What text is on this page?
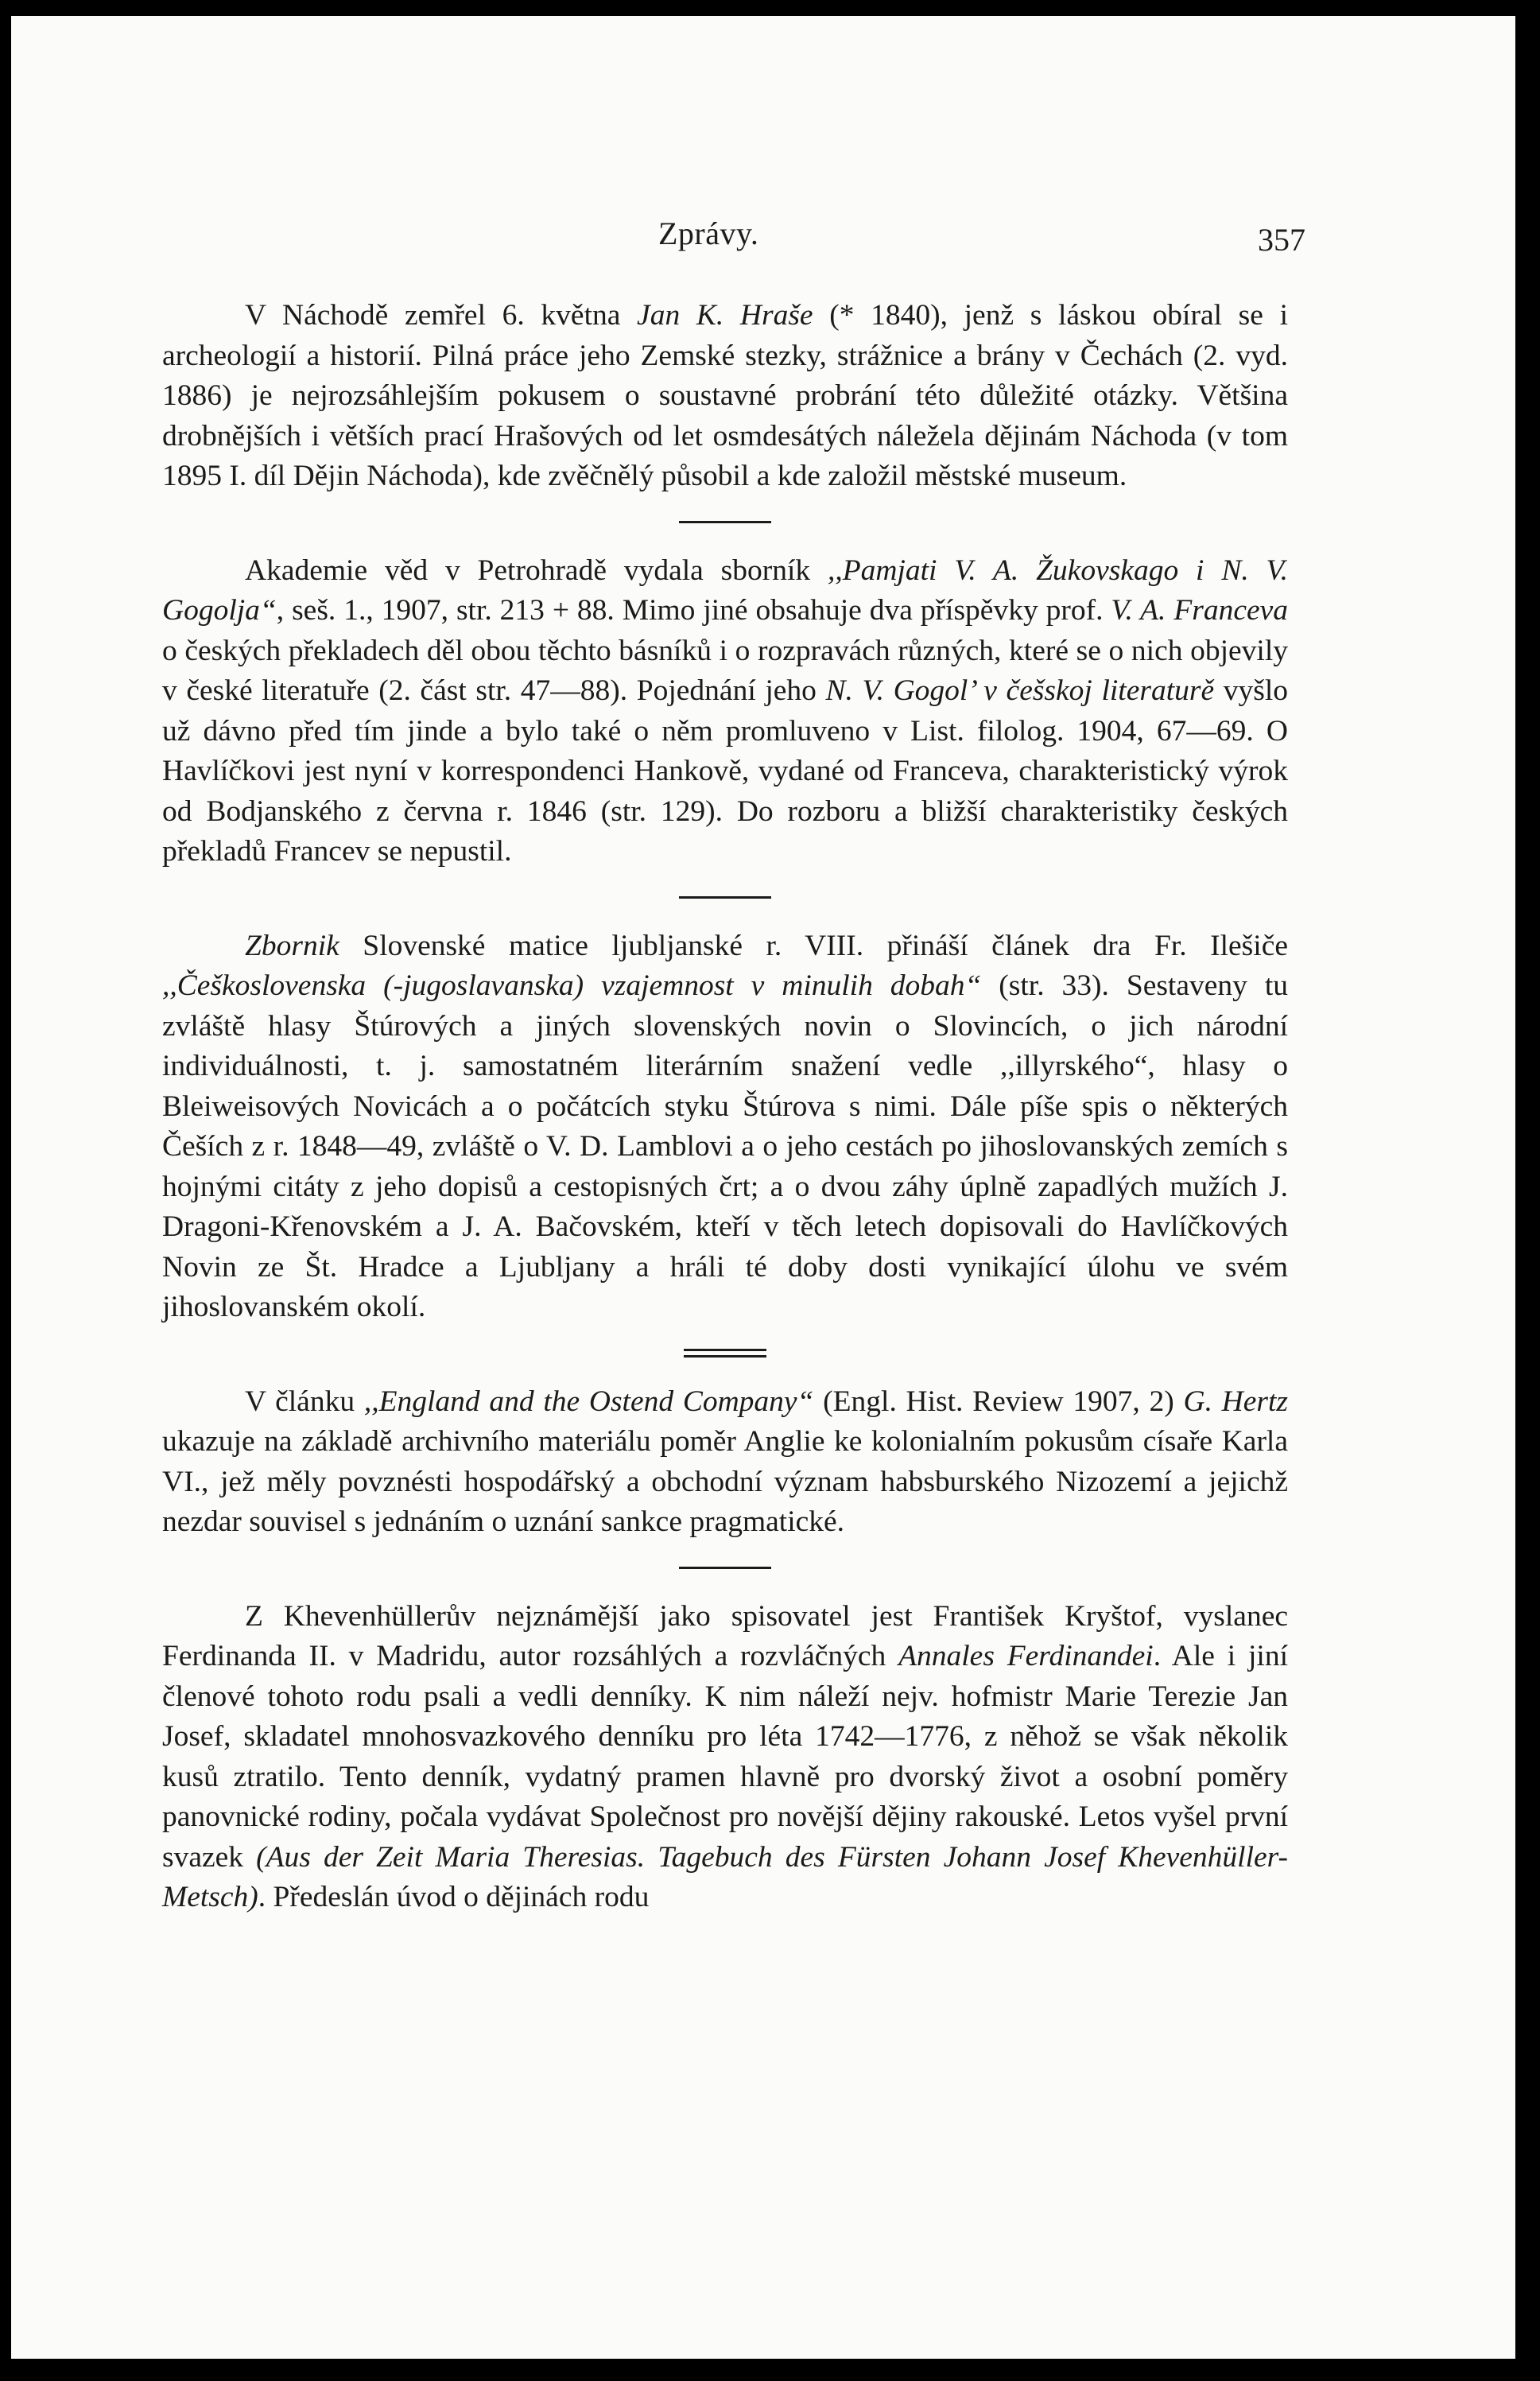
Zprávy.	357

V Náchodě zemřel 6. května Jan K. Hraše (* 1840), jenž s láskou obíral se i archeologií a historií. Pilná práce jeho Zemské stezky, strážnice a brány v Čechách (2. vyd. 1886) je nejrozsáhlejším pokusem o soustavné probrání této důležité otázky. Většina drobnějších i větších prací Hrašových od let osmdesátých náležela dějinám Náchoda (v tom 1895 I. díl Dějin Náchoda), kde zvěčnělý působil a kde založil městské museum.

Akademie věd v Petrohradě vydala sborník ,,Pamjati V. A. Žukovskago i N. V. Gogolja“, seš. 1., 1907, str. 213 + 88. Mimo jiné obsahuje dva příspěvky prof. V. A. Franceva o českých překladech děl obou těchto básníků i o rozpravách různých, které se o nich objevily v české literatuře (2. část str. 47—88). Pojednání jeho N. V. Gogol’ v češskoj literaturě vyšlo už dávno před tím jinde a bylo také o něm promluveno v List. filolog. 1904, 67—69. O Havlíčkovi jest nyní v korrespondenci Hankově, vydané od Franceva, charakteristický výrok od Bodjanského z června r. 1846 (str. 129). Do rozboru a bližší charakteristiky českých překladů Francev se nepustil.

Zbornik Slovenské matice ljubljanské r. VIII. přináší článek dra Fr. Ilešiče ,,Češkoslovenska (-jugoslavanska) vzajemnost v minulih dobah“ (str. 33). Sestaveny tu zvláště hlasy Štúrových a jiných slovenských novin o Slovincích, o jich národní individuálnosti, t. j. samostatném literárním snažení vedle ,,illyrského“, hlasy o Bleiweisových Novicách a o počátcích styku Štúrova s nimi. Dále píše spis o některých Češích z r. 1848—49, zvláště o V. D. Lamblovi a o jeho cestách po jihoslovanských zemích s hojnými citáty z jeho dopisů a cestopisných črt; a o dvou záhy úplně zapadlých mužích J. Dragoni-Křenovském a J. A. Bačovském, kteří v těch letech dopisovali do Havlíčkových Novin ze Št. Hradce a Ljubljany a hráli té doby dosti vynikající úlohu ve svém jihoslovanském okolí.

V článku ,,England and the Ostend Company“ (Engl. Hist. Review 1907, 2) G. Hertz ukazuje na základě archivního materiálu poměr Anglie ke kolonialním pokusům císaře Karla VI., jež měly povznésti hospodářský a obchodní význam habsburského Nizozemí a jejichž nezdar souvisel s jednáním o uznání sankce pragmatické.

Z Khevenhüllerův nejznámější jako spisovatel jest František Kryštof, vyslanec Ferdinanda II. v Madridu, autor rozsáhlých a rozvláčných Annales Ferdinandei. Ale i jiní členové tohoto rodu psali a vedli denníky. K nim náleží nejv. hofmistr Marie Terezie Jan Josef, skladatel mnohosvazkového denníku pro léta 1742—1776, z něhož se však několik kusů ztratilo. Tento denník, vydatný pramen hlavně pro dvorský život a osobní poměry panovnické rodiny, počala vydávat Společnost pro novější dějiny rakouské. Letos vyšel první svazek (Aus der Zeit Maria Theresias. Tagebuch des Fürsten Johann Josef Khevenhüller-Metsch). Předeslán úvod o dějinách rodu
